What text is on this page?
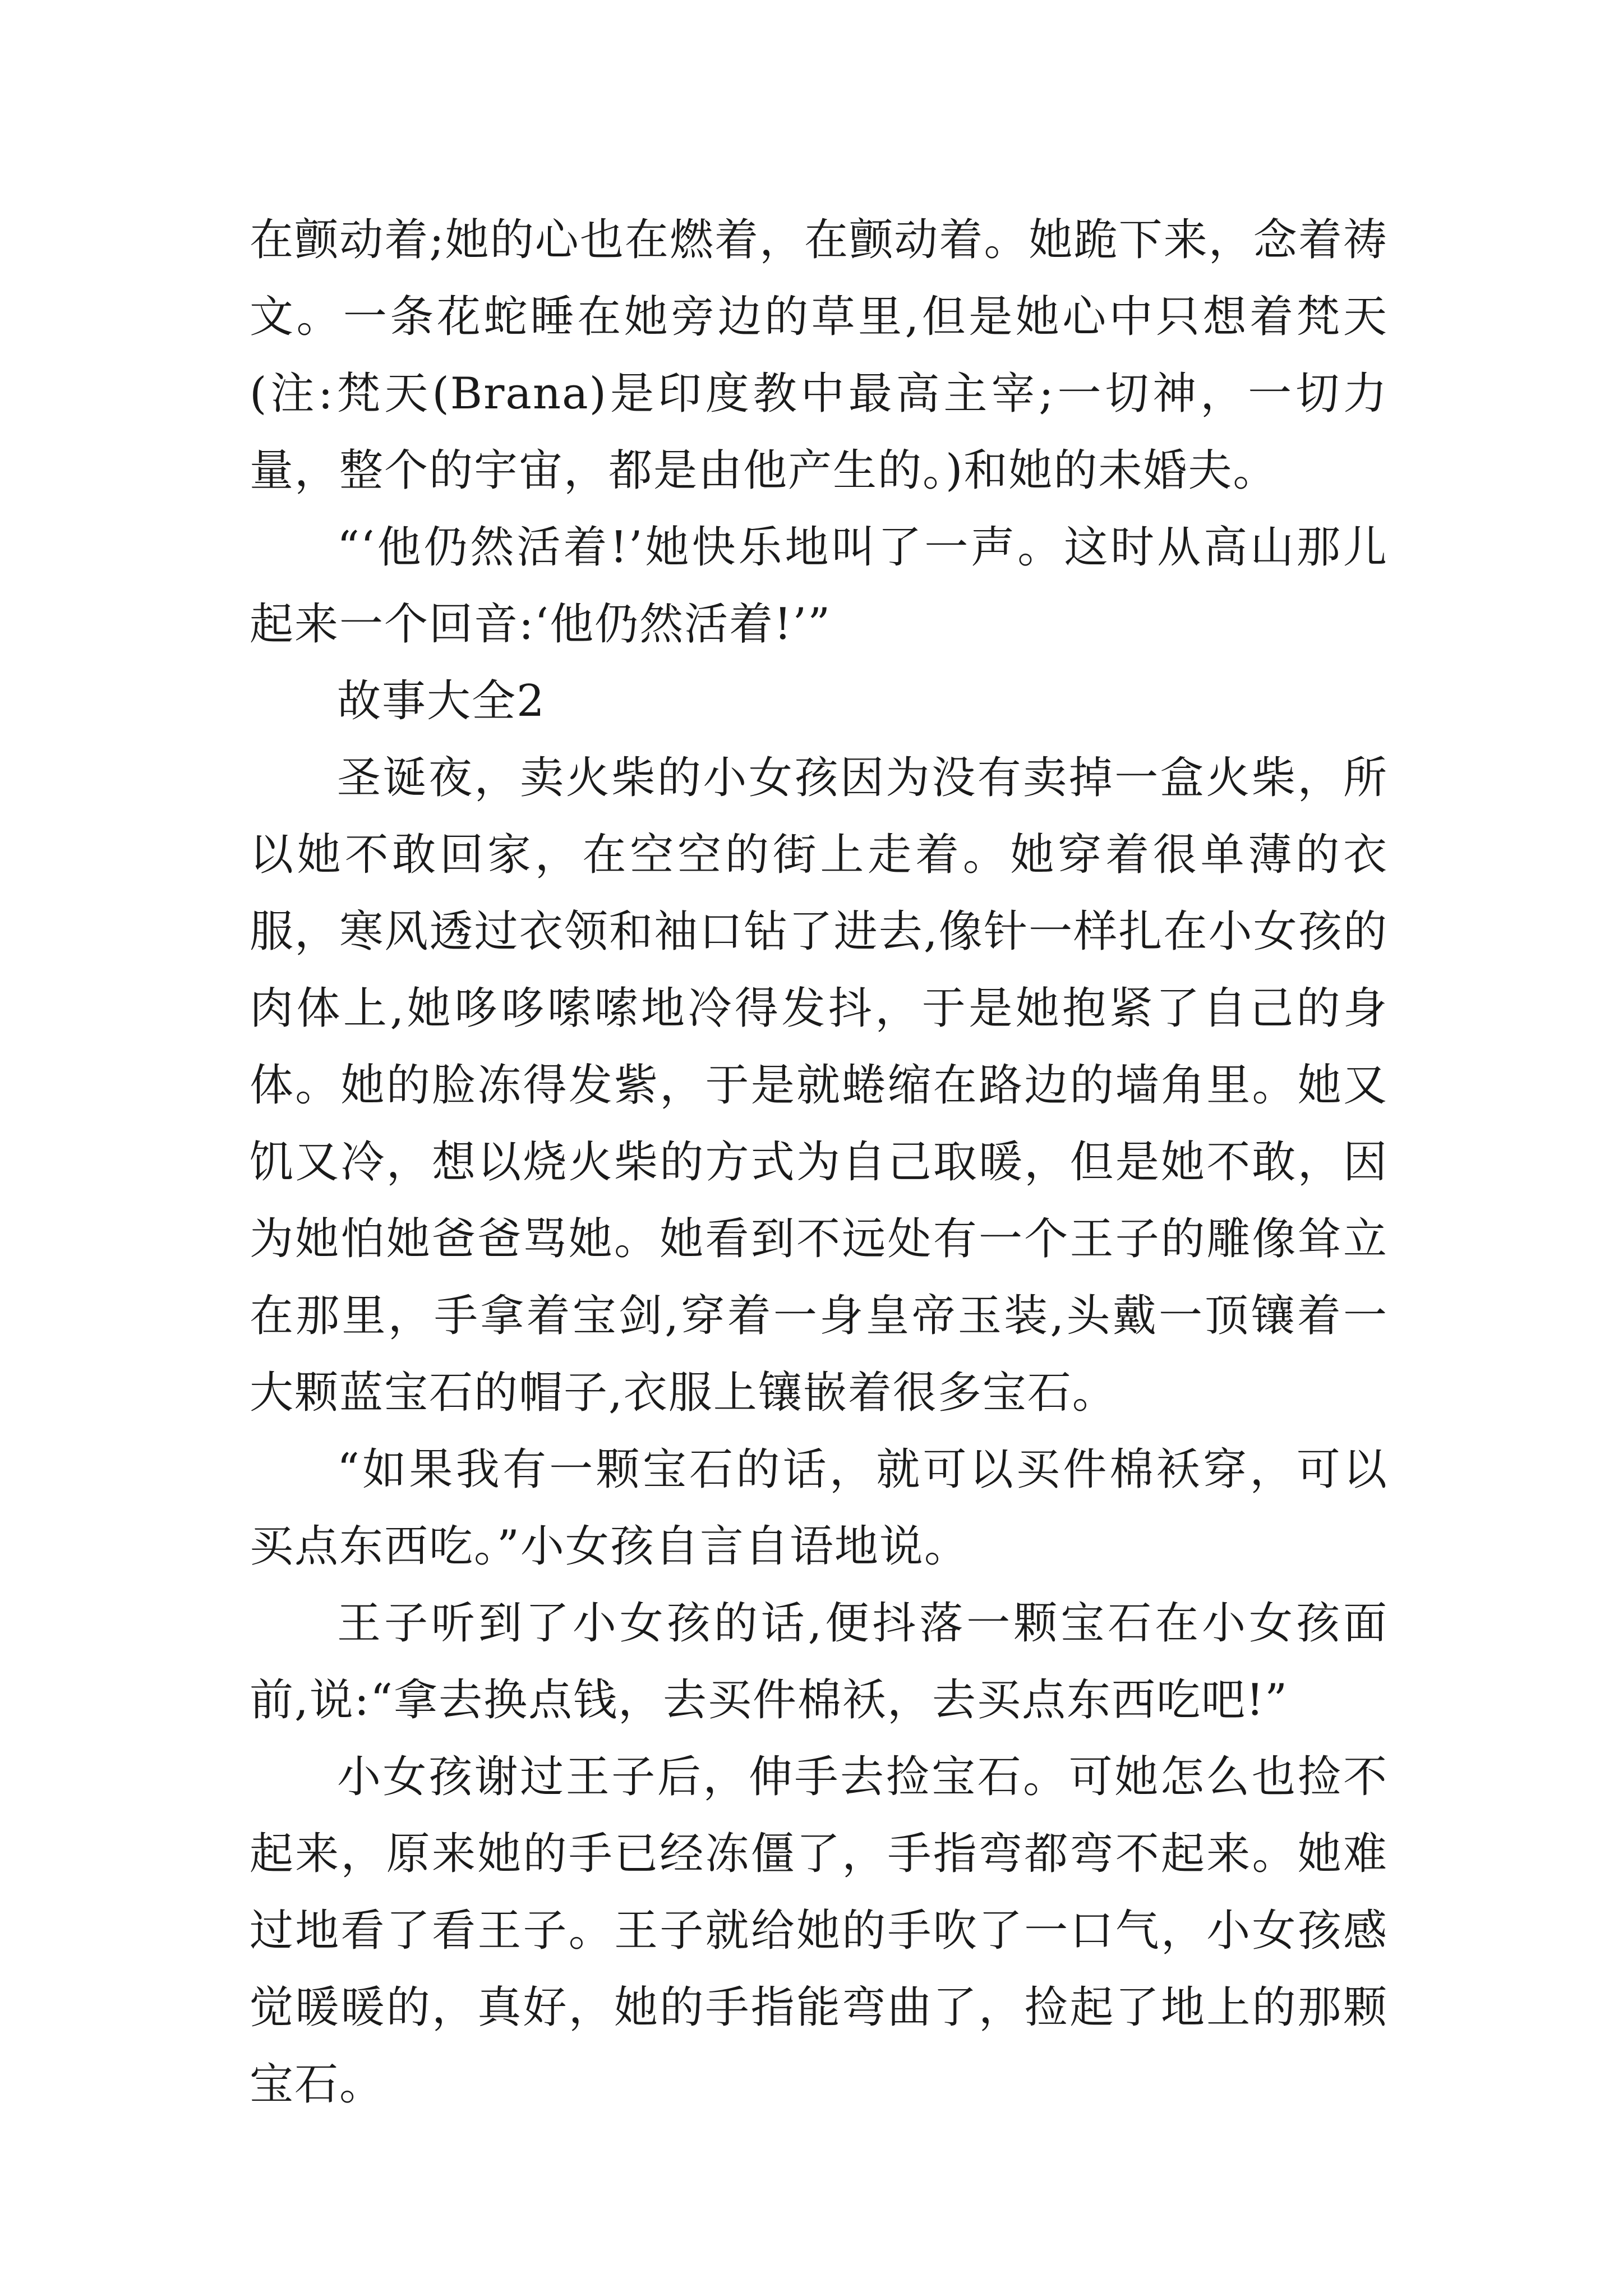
在颤动着;她的心也在燃着，在颤动着。她跪下来，念着祷文。一条花蛇睡在她旁边的草里,但是她心中只想着梵天(注:梵天(Brana)是印度教中最高主宰;一切神，一切力量，整个的宇宙，都是由他产生的。)和她的未婚夫。

“‘他仍然活着!’她快乐地叫了一声。这时从高山那儿起来一个回音:‘他仍然活着!’”

故事大全2

圣诞夜，卖火柴的小女孩因为没有卖掉一盒火柴，所以她不敢回家，在空空的街上走着。她穿着很单薄的衣服，寒风透过衣领和袖口钻了进去,像针一样扎在小女孩的肉体上,她哆哆嗦嗦地冷得发抖，于是她抱紧了自己的身体。她的脸冻得发紫，于是就蜷缩在路边的墙角里。她又饥又冷，想以烧火柴的方式为自己取暖，但是她不敢，因为她怕她爸爸骂她。她看到不远处有一个王子的雕像耸立在那里，手拿着宝剑,穿着一身皇帝玉装,头戴一顶镶着一大颗蓝宝石的帽子,衣服上镶嵌着很多宝石。

“如果我有一颗宝石的话，就可以买件棉袄穿，可以买点东西吃。”小女孩自言自语地说。

王子听到了小女孩的话,便抖落一颗宝石在小女孩面前,说:“拿去换点钱，去买件棉袄，去买点东西吃吧!”

小女孩谢过王子后，伸手去捡宝石。可她怎么也捡不起来，原来她的手已经冻僵了，手指弯都弯不起来。她难过地看了看王子。王子就给她的手吹了一口气，小女孩感觉暖暖的，真好，她的手指能弯曲了，捡起了地上的那颗宝石。
